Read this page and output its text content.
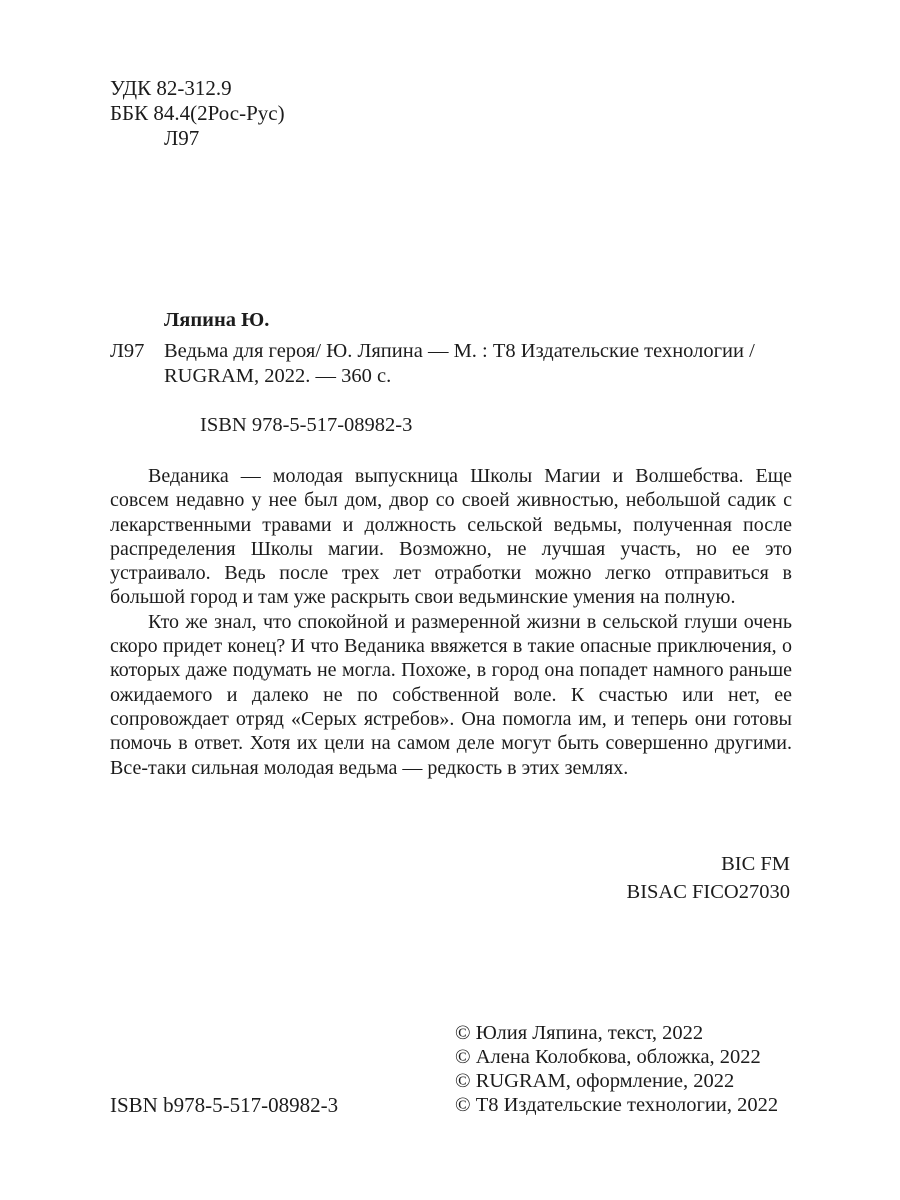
УДК 82-312.9
ББК 84.4(2Рос-Рус)
Л97
Ляпина Ю.
Л97 Ведьма для героя/ Ю. Ляпина — М. : Т8 Издательские технологии / RUGRAM, 2022. — 360 с.
ISBN 978-5-517-08982-3

Веданика — молодая выпускница Школы Магии и Волшебства. Еще совсем недавно у нее был дом, двор со своей живностью, небольшой садик с лекарственными травами и должность сельской ведьмы, полученная после распределения Школы магии. Возможно, не лучшая участь, но ее это устраивало. Ведь после трех лет отработки можно легко отправиться в большой город и там уже раскрыть свои ведьминские умения на полную.

Кто же знал, что спокойной и размеренной жизни в сельской глуши очень скоро придет конец? И что Веданика ввяжется в такие опасные приключения, о которых даже подумать не могла. Похоже, в город она попадет намного раньше ожидаемого и далеко не по собственной воле. К счастью или нет, ее сопровождает отряд «Серых ястребов». Она помогла им, и теперь они готовы помочь в ответ. Хотя их цели на самом деле могут быть совершенно другими. Все-таки сильная молодая ведьма — редкость в этих землях.

BIC FM
BISAC FICO27030
© Юлия Ляпина, текст, 2022
© Алена Колобкова, обложка, 2022
© RUGRAM, оформление, 2022
© Т8 Издательские технологии, 2022
ISBN b978-5-517-08982-3
